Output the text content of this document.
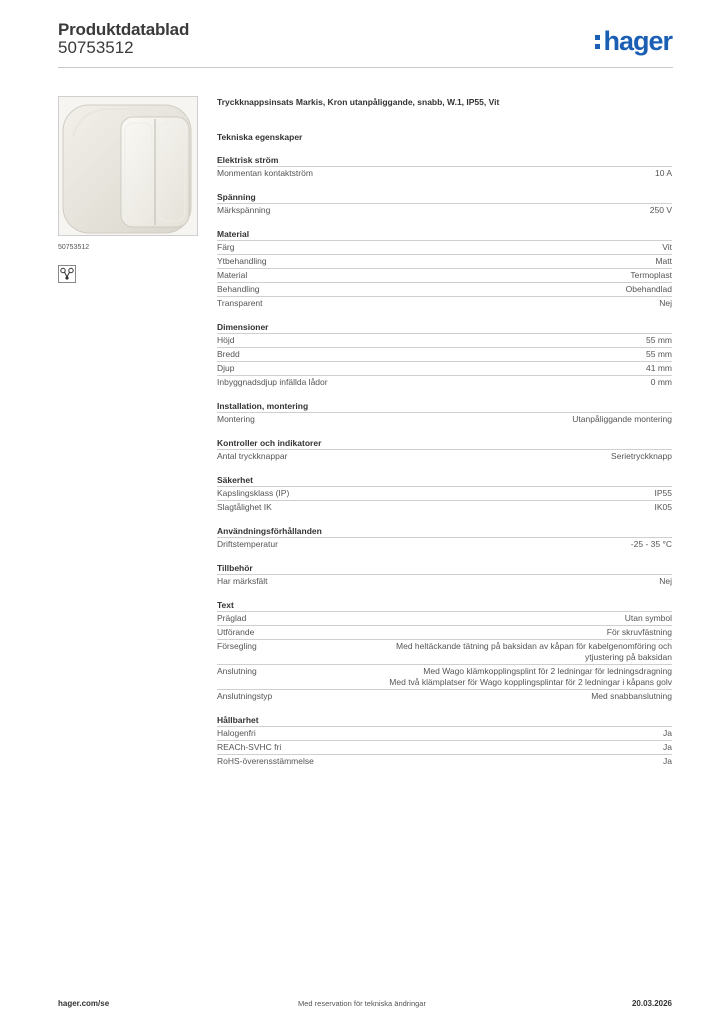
Produktdatablad
50753512	hager
50753512
Tryckknappsinsats Markis, Kron utanpåliggande, snabb, W.1, IP55, Vit
Tekniska egenskaper
Elektrisk ström
Monmentan kontaktström	10 A
Spänning
Märkspänning	250 V
Material
Färg	Vit
Ytbehandling	Matt
Material	Termoplast
Behandling	Obehandlad
Transparent	Nej
Dimensioner
Höjd	55 mm
Bredd	55 mm
Djup	41 mm
Inbyggnadsdjup infällda lådor	0 mm
Installation, montering
Montering	Utanpåliggande montering
Kontroller och indikatorer
Antal tryckknappar	Serietryckknapp
Säkerhet
Kapslingsklass (IP)	IP55
Slagtålighet IK	IK05
Användningsförhållanden
Driftstemperatur	-25 - 35 °C
Tillbehör
Har märksfält	Nej
Text
Präglad	Utan symbol
Utförande	För skruvfästning
Försegling	Med heltäckande tätning på baksidan av kåpan för kabelgenomföring och
ytjustering på baksidan
Anslutning	Med Wago klämkopplingsplint för 2 ledningar för ledningsdragning
Med två klämplatser för Wago kopplingsplintar för 2 ledningar i kåpans golv
Anslutningstyp	Med snabbanslutning
Hållbarhet
Halogenfri	Ja
REACh-SVHC fri	Ja
RoHS-överensstämmelse	Ja
hager.com/se	Med reservation för tekniska ändringar	20.03.2026
